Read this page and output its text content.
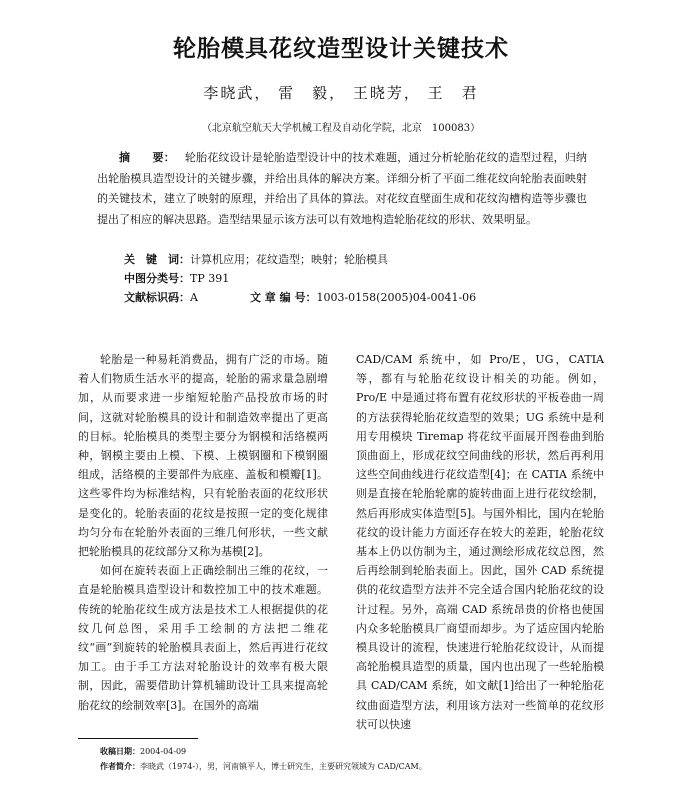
轮胎模具花纹造型设计关键技术
李晓武， 雷　毅， 王晓芳， 王　君
（北京航空航天大学机械工程及自动化学院，北京　100083）
摘　　要： 轮胎花纹设计是轮胎造型设计中的技术难题，通过分析轮胎花纹的造型过程，归纳出轮胎模具造型设计的关键步骤，并给出具体的解决方案。详细分析了平面二维花纹向轮胎表面映射的关键技术，建立了映射的原理，并给出了具体的算法。对花纹直壁面生成和花纹沟槽构造等步骤也提出了相应的解决思路。造型结果显示该方法可以有效地构造轮胎花纹的形状、效果明显。
关　键　词：计算机应用；花纹造型；映射；轮胎模具
中图分类号：TP 391
文献标识码：A	文 章 编 号：1003-0158(2005)04-0041-06

轮胎是一种易耗消费品，拥有广泛的市场。随着人们物质生活水平的提高，轮胎的需求量急剧增加，从而要求进一步缩短轮胎产品投放市场的时间，这就对轮胎模具的设计和制造效率提出了更高的目标。轮胎模具的类型主要分为钢模和活络模两种，钢模主要由上模、下模、上模钢圈和下模钢圈组成，活络模的主要部件为底座、盖板和模瓣[1]。这些零件均为标准结构，只有轮胎表面的花纹形状是变化的。轮胎表面的花纹是按照一定的变化规律均匀分布在轮胎外表面的三维几何形状，一些文献把轮胎模具的花纹部分又称为基模[2]。

如何在旋转表面上正确绘制出三维的花纹，一直是轮胎模具造型设计和数控加工中的技术难题。传统的轮胎花纹生成方法是技术工人根据提供的花纹几何总图，采用手工绘制的方法把二维花纹“画”到旋转的轮胎模具表面上，然后再进行花纹加工。由于手工方法对轮胎设计的效率有极大限制，因此，需要借助计算机辅助设计工具来提高轮胎花纹的绘制效率[3]。在国外的高端

CAD/CAM 系统中，如 Pro/E，UG，CATIA 等，都有与轮胎花纹设计相关的功能。例如，Pro/E 中是通过将布置有花纹形状的平板卷曲一周的方法获得轮胎花纹造型的效果；UG 系统中是利用专用模块 Tiremap 将花纹平面展开图卷曲到胎顶曲面上，形成花纹空间曲线的形状，然后再利用这些空间曲线进行花纹造型[4]；在 CATIA 系统中则是直接在轮胎轮廓的旋转曲面上进行花纹绘制，然后再形成实体造型[5]。与国外相比，国内在轮胎花纹的设计能力方面还存在较大的差距，轮胎花纹基本上仍以仿制为主，通过测绘形成花纹总图，然后再绘制到轮胎表面上。因此，国外 CAD 系统提供的花纹造型方法并不完全适合国内轮胎花纹的设计过程。另外，高端 CAD 系统昂贵的价格也使国内众多轮胎模具厂商望而却步。为了适应国内轮胎模具设计的流程，快速进行轮胎花纹设计，从而提高轮胎模具造型的质量，国内也出现了一些轮胎模具 CAD/CAM 系统，如文献[1]给出了一种轮胎花纹曲面造型方法，利用该方法对一些简单的花纹形状可以快速

收稿日期：2004-04-09
作者简介：李晓武（1974-），男，河南镇平人，博士研究生，主要研究领域为 CAD/CAM。
